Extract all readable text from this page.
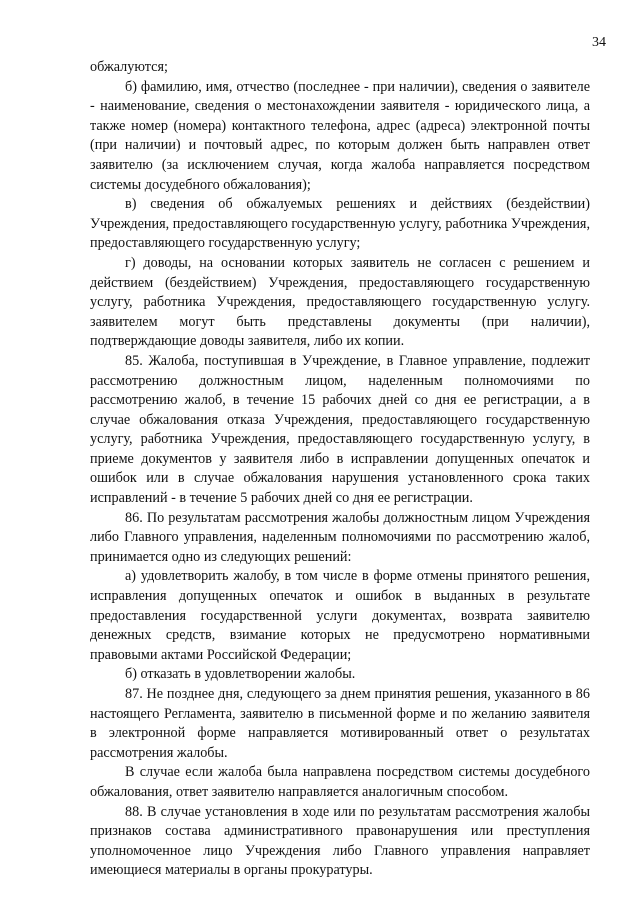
34

обжалуются;

б) фамилию, имя, отчество (последнее - при наличии), сведения о заявителе - наименование, сведения о местонахождении заявителя - юридического лица, а также номер (номера) контактного телефона, адрес (адреса) электронной почты (при наличии) и почтовый адрес, по которым должен быть направлен ответ заявителю (за исключением случая, когда жалоба направляется посредством системы досудебного обжалования);

в) сведения об обжалуемых решениях и действиях (бездействии) Учреждения, предоставляющего государственную услугу, работника Учреждения, предоставляющего государственную услугу;

г) доводы, на основании которых заявитель не согласен с решением и действием (бездействием) Учреждения, предоставляющего государственную услугу, работника Учреждения, предоставляющего государственную услугу. заявителем могут быть представлены документы (при наличии), подтверждающие доводы заявителя, либо их копии.

85. Жалоба, поступившая в Учреждение, в Главное управление, подлежит рассмотрению должностным лицом, наделенным полномочиями по рассмотрению жалоб, в течение 15 рабочих дней со дня ее регистрации, а в случае обжалования отказа Учреждения, предоставляющего государственную услугу, работника Учреждения, предоставляющего государственную услугу, в приеме документов у заявителя либо в исправлении допущенных опечаток и ошибок или в случае обжалования нарушения установленного срока таких исправлений - в течение 5 рабочих дней со дня ее регистрации.

86. По результатам рассмотрения жалобы должностным лицом Учреждения либо Главного управления, наделенным полномочиями по рассмотрению жалоб, принимается одно из следующих решений:

а) удовлетворить жалобу, в том числе в форме отмены принятого решения, исправления допущенных опечаток и ошибок в выданных в результате предоставления государственной услуги документах, возврата заявителю денежных средств, взимание которых не предусмотрено нормативными правовыми актами Российской Федерации;

б) отказать в удовлетворении жалобы.

87. Не позднее дня, следующего за днем принятия решения, указанного в 86 настоящего Регламента, заявителю в письменной форме и по желанию заявителя в электронной форме направляется мотивированный ответ о результатах рассмотрения жалобы.

В случае если жалоба была направлена посредством системы досудебного обжалования, ответ заявителю направляется аналогичным способом.

88. В случае установления в ходе или по результатам рассмотрения жалобы признаков состава административного правонарушения или преступления уполномоченное лицо Учреждения либо Главного управления направляет имеющиеся материалы в органы прокуратуры.
